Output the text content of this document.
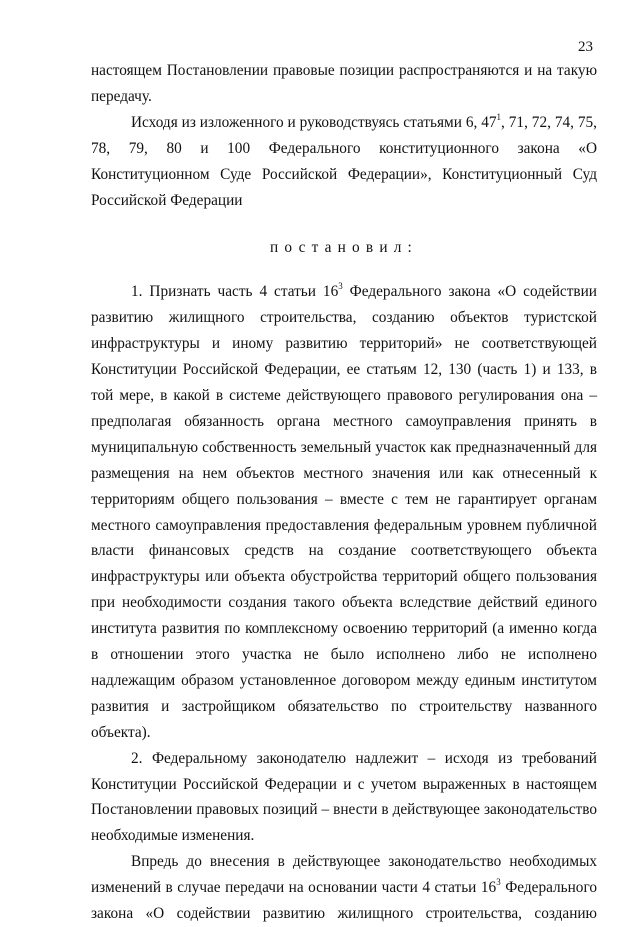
23

настоящем Постановлении правовые позиции распространяются и на такую передачу.

Исходя из изложенного и руководствуясь статьями 6, $47^1$, 71, 72, 74, 75, 78, 79, 80 и 100 Федерального конституционного закона «О Конституционном Суде Российской Федерации», Конституционный Суд Российской Федерации

постановил:

1. Признать часть 4 статьи $16^3$ Федерального закона «О содействии развитию жилищного строительства, созданию объектов туристской инфраструктуры и иному развитию территорий» не соответствующей Конституции Российской Федерации, ее статьям 12, 130 (часть 1) и 133, в той мере, в какой в системе действующего правового регулирования она – предполагая обязанность органа местного самоуправления принять в муниципальную собственность земельный участок как предназначенный для размещения на нем объектов местного значения или как отнесенный к территориям общего пользования – вместе с тем не гарантирует органам местного самоуправления предоставления федеральным уровнем публичной власти финансовых средств на создание соответствующего объекта инфраструктуры или объекта обустройства территорий общего пользования при необходимости создания такого объекта вследствие действий единого института развития по комплексному освоению территорий (а именно когда в отношении этого участка не было исполнено либо не исполнено надлежащим образом установленное договором между единым институтом развития и застройщиком обязательство по строительству названного объекта).

2. Федеральному законодателю надлежит – исходя из требований Конституции Российской Федерации и с учетом выраженных в настоящем Постановлении правовых позиций – внести в действующее законодательство необходимые изменения.

Впредь до внесения в действующее законодательство необходимых изменений в случае передачи на основании части 4 статьи $16^3$ Федерального закона «О содействии развитию жилищного строительства, созданию
